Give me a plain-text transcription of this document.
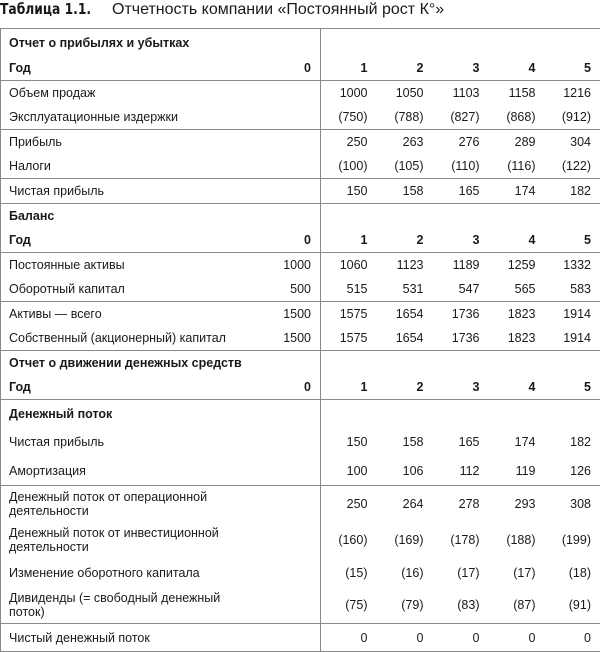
Таблица 1.1. Отчетность компании «Постоянный рост К°»
Отчет о прибылях и убытках						
Год	0	1	2	3	4	5
Объем продаж		1000	1050	1103	1158	1216
Эксплуатационные издержки		(750)	(788)	(827)	(868)	(912)
Прибыль		250	263	276	289	304
Налоги		(100)	(105)	(110)	(116)	(122)
Чистая прибыль		150	158	165	174	182
Баланс						
Год	0	1	2	3	4	5
Постоянные активы	1000	1060	1123	1189	1259	1332
Оборотный капитал	500	515	531	547	565	583
Активы — всего	1500	1575	1654	1736	1823	1914
Собственный (акционерный) капитал	1500	1575	1654	1736	1823	1914
Отчет о движении денежных средств						
Год	0	1	2	3	4	5
Денежный поток						
Чистая прибыль		150	158	165	174	182
Амортизация		100	106	112	119	126
Денежный поток от операционной деятельности		250	264	278	293	308
Денежный поток от инвестиционной деятельности		(160)	(169)	(178)	(188)	(199)
Изменение оборотного капитала		(15)	(16)	(17)	(17)	(18)
Дивиденды (= свободный денежный поток)		(75)	(79)	(83)	(87)	(91)
Чистый денежный поток		0	0	0	0	0
